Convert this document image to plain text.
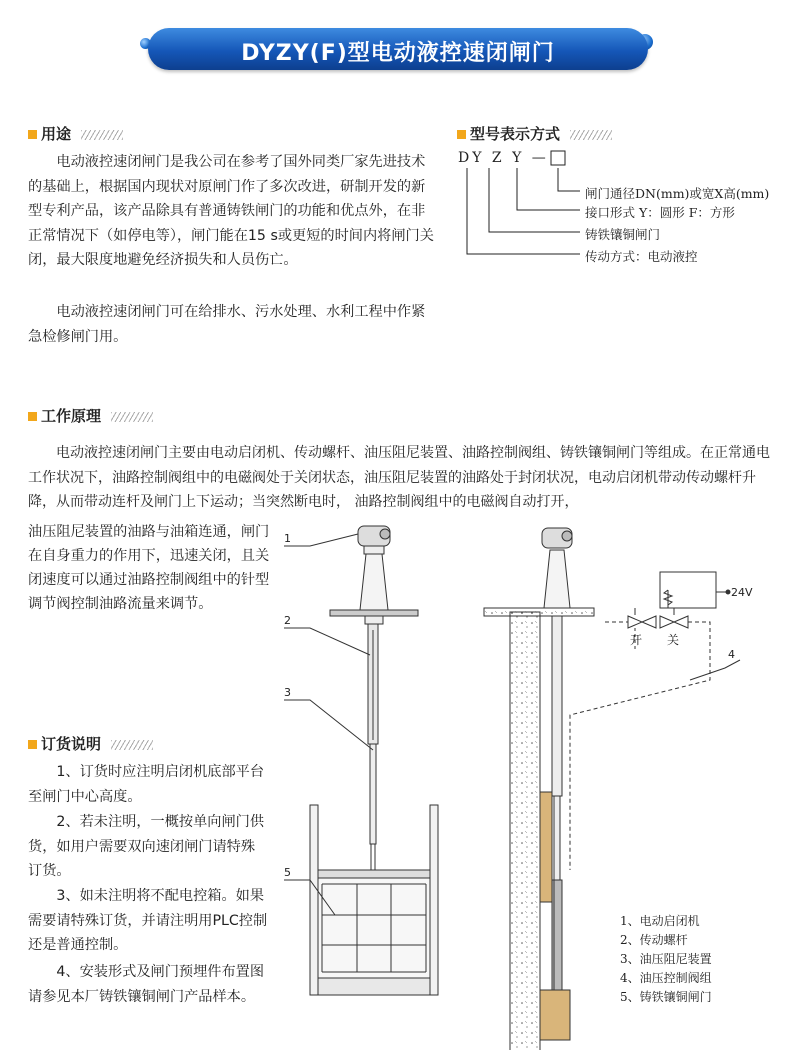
DYZY(F)型电动液控速闭闸门
用途

电动液控速闭闸门是我公司在参考了国外同类厂家先进技术的基础上，根据国内现状对原闸门作了多次改进，研制开发的新型专利产品，该产品除具有普通铸铁闸门的功能和优点外，在非正常情况下（如停电等），闸门能在15 s或更短的时间内将闸门关闭，最大限度地避免经济损失和人员伤亡。

电动液控速闭闸门可在给排水、污水处理、水利工程中作紧急检修闸门用。

型号表示方式
DY Z Y —
闸门通径DN(mm)或宽X高(mm)
接口形式 Y：圆形 F：方形
铸铁镶铜闸门
传动方式：电动液控
工作原理

电动液控速闭闸门主要由电动启闭机、传动螺杆、油压阻尼装置、油路控制阀组、铸铁镶铜闸门等组成。在正常通电工作状况下，油路控制阀组中的电磁阀处于关闭状态，油压阻尼装置的油路处于封闭状况，电动启闭机带动传动螺杆升降，从而带动连杆及闸门上下运动；当突然断电时， 油路控制阀组中的电磁阀自动打开，

油压阻尼装置的油路与油箱连通，闸门在自身重力的作用下，迅速关闭，且关闭速度可以通过油路控制阀组中的针型调节阀控制油路流量来调节。

订货说明

1、订货时应注明启闭机底部平台至闸门中心高度。

2、若未注明，一概按单向闸门供货，如用户需要双向速闭闸门请特殊订货。

3、如未注明将不配电控箱。如果需要请特殊订货，并请注明用PLC控制还是普通控制。

4、安装形式及闸门预埋件布置图请参见本厂铸铁镶铜闸门产品样本。

1
2
3
5
24V
开 关
4
1、电动启闭机
2、传动螺杆
3、油压阻尼装置
4、油压控制阀组
5、铸铁镶铜闸门
